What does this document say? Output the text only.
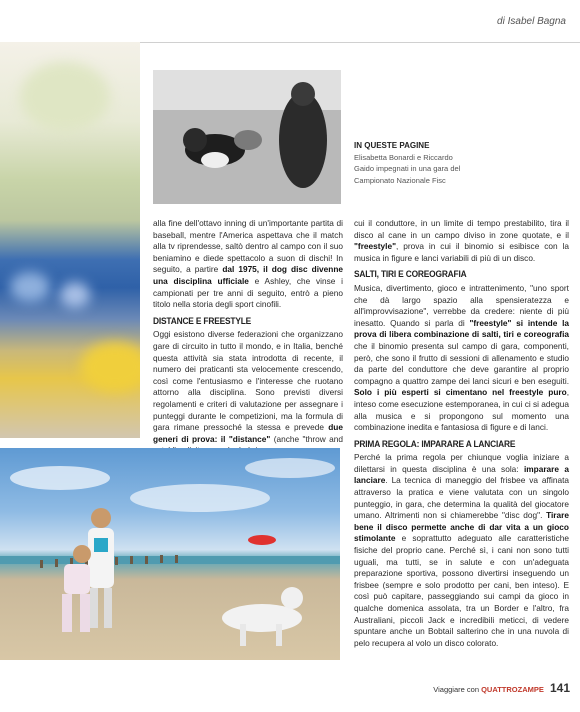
di Isabel Bagna
IN QUESTE PAGINE
Elisabetta Bonardi e Riccardo Gaido impegnati in una gara del Campionato Nazionale Fisc

alla fine dell'ottavo inning di un'importante partita di baseball, mentre l'America aspettava che il match alla tv riprendesse, saltò dentro al campo con il suo beniamino e diede spettacolo a suon di dischi! In seguito, a partire dal 1975, il dog disc divenne una disciplina ufficiale e Ashley, che vinse i campionati per tre anni di seguito, entrò a pieno titolo nella storia degli sport cinofili.

DISTANCE E FREESTYLE

Oggi esistono diverse federazioni che organizzano gare di circuito in tutto il mondo, e in Italia, benché questa attività sia stata introdotta di recente, il numero dei praticanti sta velocemente crescendo, così come l'entusiasmo e l'interesse che ruotano attorno alla disciplina. Sono previsti diversi regolamenti e criteri di valutazione per assegnare i punteggi durante le competizioni, ma la formula di gara rimane pressoché la stessa e prevede due generi di prova: il "distance" (anche "throw and

cui il conduttore, in un limite di tempo prestabilito, tira il disco al cane in un campo diviso in zone quotate, e il "freestyle", prova in cui il binomio si esibisce con la musica in figure e lanci variabili di più di un disco.

SALTI, TIRI E COREOGRAFIA

Musica, divertimento, gioco e intrattenimento, "uno sport che dà largo spazio alla spensieratezza e all'improvvisazione", verrebbe da credere: niente di più inesatto. Quando si parla di "freestyle" si intende la prova di libera combinazione di salti, tiri e coreografia che il binomio presenta sul campo di gara, componenti, però, che sono il frutto di sessioni di allenamento e studio da parte del conduttore che deve garantire al proprio compagno a quattro zampe dei lanci sicuri e ben eseguiti. Solo i più esperti si cimentano nel freestyle puro, inteso come esecuzione estemporanea, in cui ci si adegua alla musica e si propongono sul momento una combinazione inedita e fantasiosa di figure e di lanci.

PRIMA REGOLA: IMPARARE A LANCIARE

Perché la prima regola per chiunque voglia iniziare a dilettarsi in questa disciplina è una sola: imparare a lanciare. La tecnica di maneggio del frisbee va affinata attraverso la pratica e viene valutata con un singolo punteggio, in gara, che determina la qualità del giocatore umano. Altrimenti non si chiamerebbe "disc dog". Tirare bene il disco permette anche di dar vita a un gioco stimolante e soprattutto adeguato alle caratteristiche fisiche del proprio cane. Perché sì, i cani non sono tutti uguali, ma tutti, se in salute e con un'adeguata preparazione sportiva, possono divertirsi inseguendo un frisbee (sempre e solo prodotto per cani, ben inteso). E così può capitare, passeggiando sui campi da gioco in qualche domenica assolata, tra un Border e l'altro, fra Australiani, piccoli Jack e incredibili meticci, di vedere spuntare anche un Bobtail salterino che in una nuvola di pelo recupera al volo un disco colorato.

Viaggiare con QUATTROZAMPE 141
